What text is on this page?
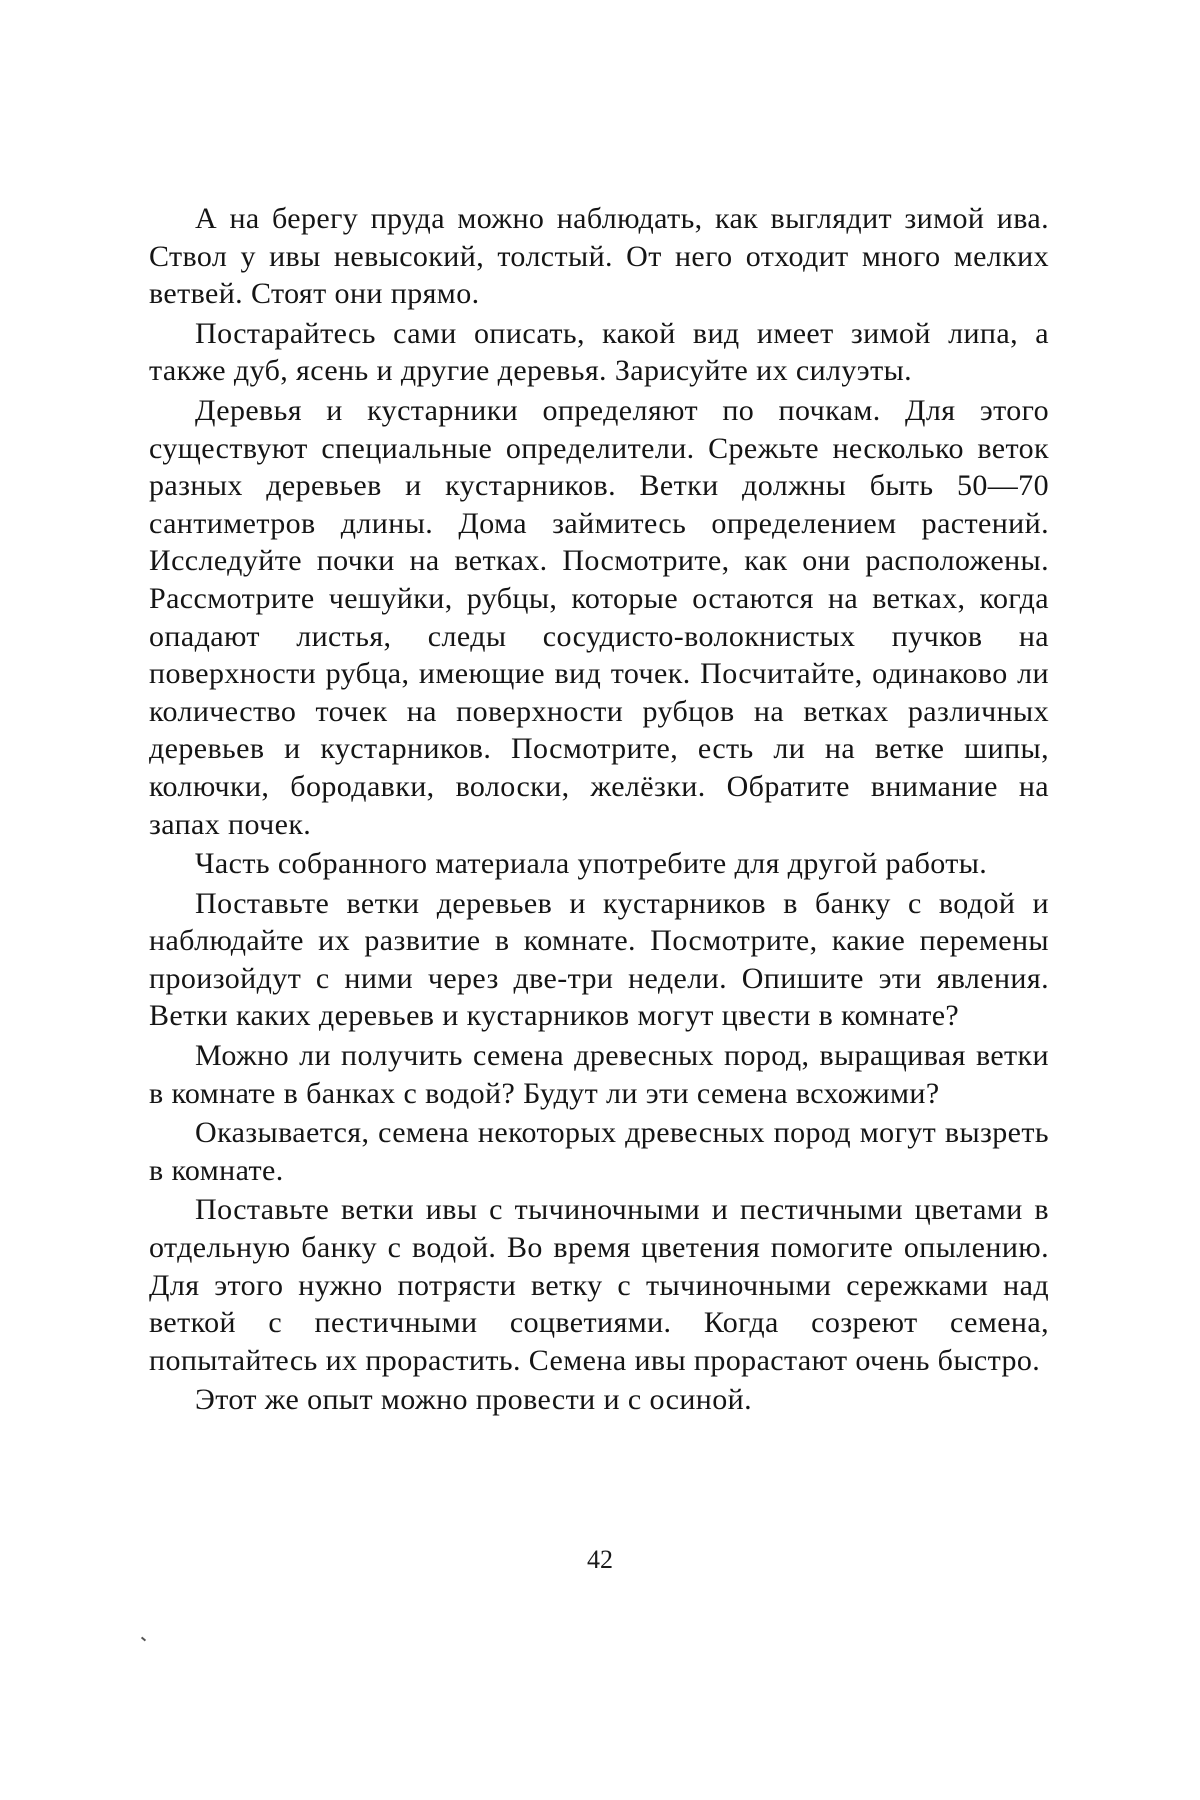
А на берегу пруда можно наблюдать, как выглядит зимой ива. Ствол у ивы невысокий, толстый. От него отходит много мелких ветвей. Стоят они прямо.

Постарайтесь сами описать, какой вид имеет зимой липа, а также дуб, ясень и другие деревья. Зарисуйте их силуэты.

Деревья и кустарники определяют по почкам. Для этого существуют специальные определители. Срежьте несколько веток разных деревьев и кустарников. Ветки должны быть 50—70 сантиметров длины. Дома займитесь определением растений. Исследуйте почки на ветках. Посмотрите, как они расположены. Рассмотрите чешуйки, рубцы, которые остаются на ветках, когда опадают листья, следы сосудисто-волокнистых пучков на поверхности рубца, имеющие вид точек. Посчитайте, одинаково ли количество точек на поверхности рубцов на ветках различных деревьев и кустарников. Посмотрите, есть ли на ветке шипы, колючки, бородавки, волоски, желёзки. Обратите внимание на запах почек.

Часть собранного материала употребите для другой работы.

Поставьте ветки деревьев и кустарников в банку с водой и наблюдайте их развитие в комнате. Посмотрите, какие перемены произойдут с ними через две-три недели. Опишите эти явления. Ветки каких деревьев и кустарников могут цвести в комнате?

Можно ли получить семена древесных пород, выращивая ветки в комнате в банках с водой? Будут ли эти семена всхожими?

Оказывается, семена некоторых древесных пород могут вызреть в комнате.

Поставьте ветки ивы с тычиночными и пестичными цветами в отдельную банку с водой. Во время цветения помогите опылению. Для этого нужно потрясти ветку с тычиночными сережками над веткой с пестичными соцветиями. Когда созреют семена, попытайтесь их прорастить. Семена ивы прорастают очень быстро.

Этот же опыт можно провести и с осиной.

42
